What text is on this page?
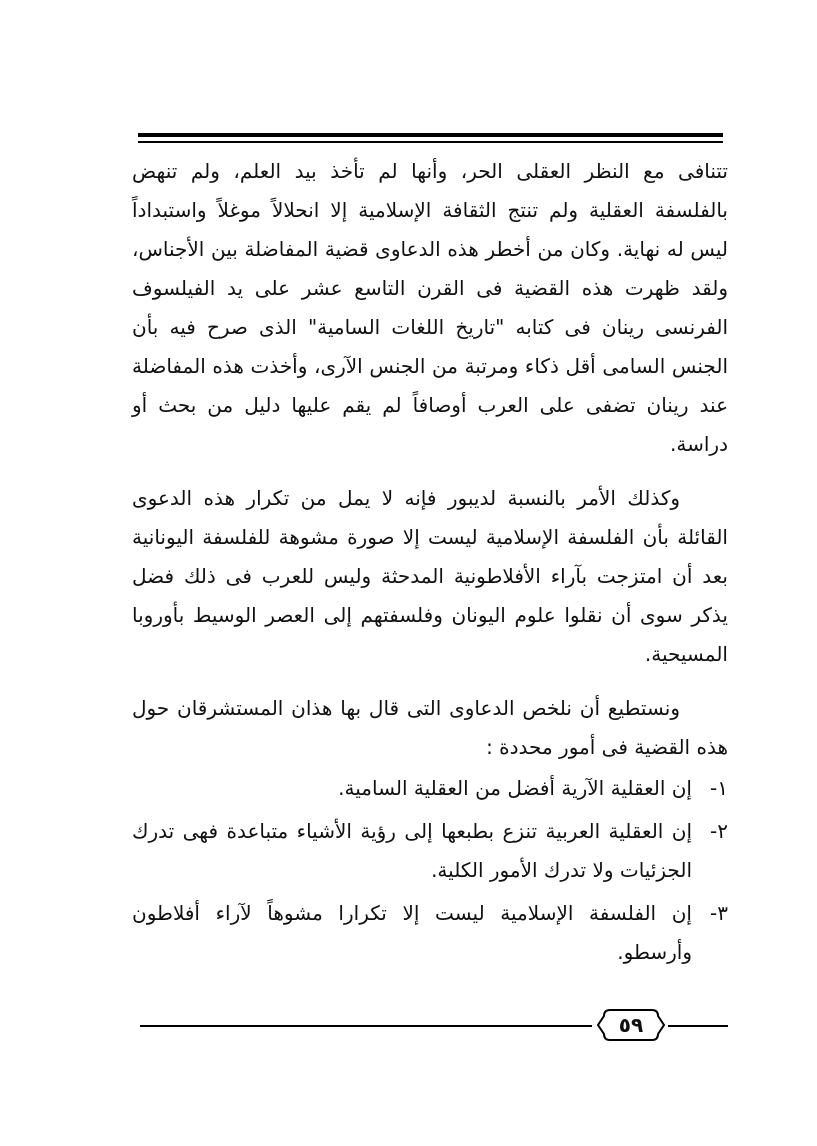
تتنافى مع النظر العقلى الحر، وأنها لم تأخذ بيد العلم، ولم تنهض بالفلسفة العقلية ولم تنتج الثقافة الإسلامية إلا انحلالاً موغلاً واستبداداً ليس له نهاية. وكان من أخطر هذه الدعاوى قضية المفاضلة بين الأجناس، ولقد ظهرت هذه القضية فى القرن التاسع عشر على يد الفيلسوف الفرنسى رينان فى كتابه "تاريخ اللغات السامية" الذى صرح فيه بأن الجنس السامى أقل ذكاء ومرتبة من الجنس الآرى، وأخذت هذه المفاضلة عند رينان تضفى على العرب أوصافاً لم يقم عليها دليل من بحث أو دراسة.

وكذلك الأمر بالنسبة لديبور فإنه لا يمل من تكرار هذه الدعوى القائلة بأن الفلسفة الإسلامية ليست إلا صورة مشوهة للفلسفة اليونانية بعد أن امتزجت بآراء الأفلاطونية المدحثة وليس للعرب فى ذلك فضل يذكر سوى أن نقلوا علوم اليونان وفلسفتهم إلى العصر الوسيط بأوروبا المسيحية.

ونستطيع أن نلخص الدعاوى التى قال بها هذان المستشرقان حول هذه القضية فى أمور محددة :

١-
إن العقلية الآرية أفضل من العقلية السامية.
٢-
إن العقلية العربية تنزع بطبعها إلى رؤية الأشياء متباعدة فهى تدرك الجزئيات ولا تدرك الأمور الكلية.
٣-
إن الفلسفة الإسلامية ليست إلا تكرارا مشوهاً لآراء أفلاطون وأرسطو.
٥٩
